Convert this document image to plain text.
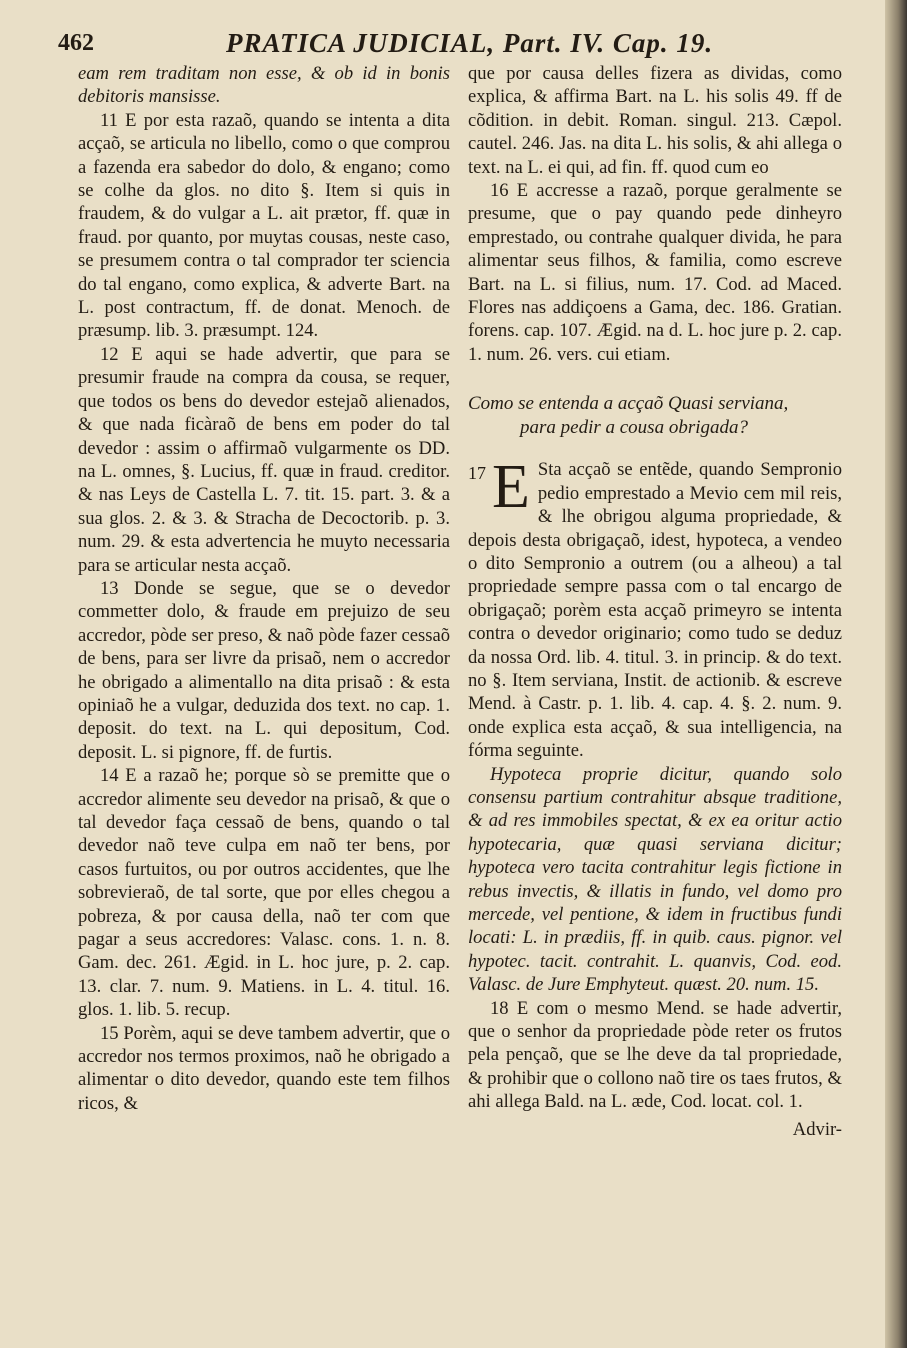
462	PRATICA JUDICIAL, Part. IV. Cap. 19.

eam rem traditam non esse, & ob id in bonis debitoris mansisse.

11 E por esta razaõ, quando se intenta a dita acçaõ, se articula no libello, como o que comprou a fazenda era sabedor do dolo, & engano; como se colhe da glos. no dito §. Item si quis in fraudem, & do vulgar a L. ait prætor, ff. quæ in fraud. por quanto, por muytas cousas, neste caso, se presumem contra o tal comprador ter sciencia do tal engano, como explica, & adverte Bart. na L. post contractum, ff. de donat. Menoch. de præsump. lib. 3. præsumpt. 124.

12 E aqui se hade advertir, que para se presumir fraude na compra da cousa, se requer, que todos os bens do devedor estejaõ alienados, & que nada ficàraõ de bens em poder do tal devedor : assim o affirmaõ vulgarmente os DD. na L. omnes, §. Lucius, ff. quæ in fraud. creditor. & nas Leys de Castella L. 7. tit. 15. part. 3. & a sua glos. 2. & 3. & Stracha de Decoctorib. p. 3. num. 29. & esta advertencia he muyto necessaria para se articular nesta acçaõ.

13 Donde se segue, que se o devedor commetter dolo, & fraude em prejuizo de seu accredor, pòde ser preso, & naõ pòde fazer cessaõ de bens, para ser livre da prisaõ, nem o accredor he obrigado a alimentallo na dita prisaõ : & esta opiniaõ he a vulgar, deduzida dos text. no cap. 1. deposit. do text. na L. qui depositum, Cod. deposit. L. si pignore, ff. de furtis.

14 E a razaõ he; porque sò se premitte que o accredor alimente seu devedor na prisaõ, & que o tal devedor faça cessaõ de bens, quando o tal devedor naõ teve culpa em naõ ter bens, por casos furtuitos, ou por outros accidentes, que lhe sobrevieraõ, de tal sorte, que por elles chegou a pobreza, & por causa della, naõ ter com que pagar a seus accredores: Valasc. cons. 1. n. 8. Gam. dec. 261. Ægid. in L. hoc jure, p. 2. cap. 13. clar. 7. num. 9. Matiens. in L. 4. titul. 16. glos. 1. lib. 5. recup.

15 Porèm, aqui se deve tambem advertir, que o accredor nos termos proximos, naõ he obrigado a alimentar o dito devedor, quando este tem filhos ricos, &

que por causa delles fizera as dividas, como explica, & affirma Bart. na L. his solis 49. ff de cõdition. in debit. Roman. singul. 213. Cæpol. cautel. 246. Jas. na dita L. his solis, & ahi allega o text. na L. ei qui, ad fin. ff. quod cum eo

16 E accresse a razaõ, porque geralmente se presume, que o pay quando pede dinheyro emprestado, ou contrahe qualquer divida, he para alimentar seus filhos, & familia, como escreve Bart. na L. si filius, num. 17. Cod. ad Maced. Flores nas addiçoens a Gama, dec. 186. Gratian. forens. cap. 107. Ægid. na d. L. hoc jure p. 2. cap. 1. num. 26. vers. cui etiam.

Como se entenda a acçaõ Quasi serviana,
para pedir a cousa obrigada?

17 E Sta acçaõ se entẽde, quando Sempronio pedio emprestado a Mevio cem mil reis, & lhe obrigou alguma propriedade, & depois desta obrigaçaõ, idest, hypoteca, a vendeo o dito Sempronio a outrem (ou a alheou) a tal propriedade sempre passa com o tal encargo de obrigaçaõ; porèm esta acçaõ primeyro se intenta contra o devedor originario; como tudo se deduz da nossa Ord. lib. 4. titul. 3. in princip. & do text. no §. Item serviana, Instit. de actionib. & escreve Mend. à Castr. p. 1. lib. 4. cap. 4. §. 2. num. 9. onde explica esta acçaõ, & sua intelligencia, na fórma seguinte.

Hypoteca proprie dicitur, quando solo consensu partium contrahitur absque traditione, & ad res immobiles spectat, & ex ea oritur actio hypotecaria, quæ quasi serviana dicitur; hypoteca vero tacita contrahitur legis fictione in rebus invectis, & illatis in fundo, vel domo pro mercede, vel pentione, & idem in fructibus fundi locati: L. in prædiis, ff. in quib. caus. pignor. vel hypotec. tacit. contrahit. L. quanvis, Cod. eod. Valasc. de Jure Emphyteut. quæst. 20. num. 15.

18 E com o mesmo Mend. se hade advertir, que o senhor da propriedade pòde reter os frutos pela pençaõ, que se lhe deve da tal propriedade, & prohibir que o collono naõ tire os taes frutos, & ahi allega Bald. na L. æde, Cod. locat. col. 1.

Advir-
